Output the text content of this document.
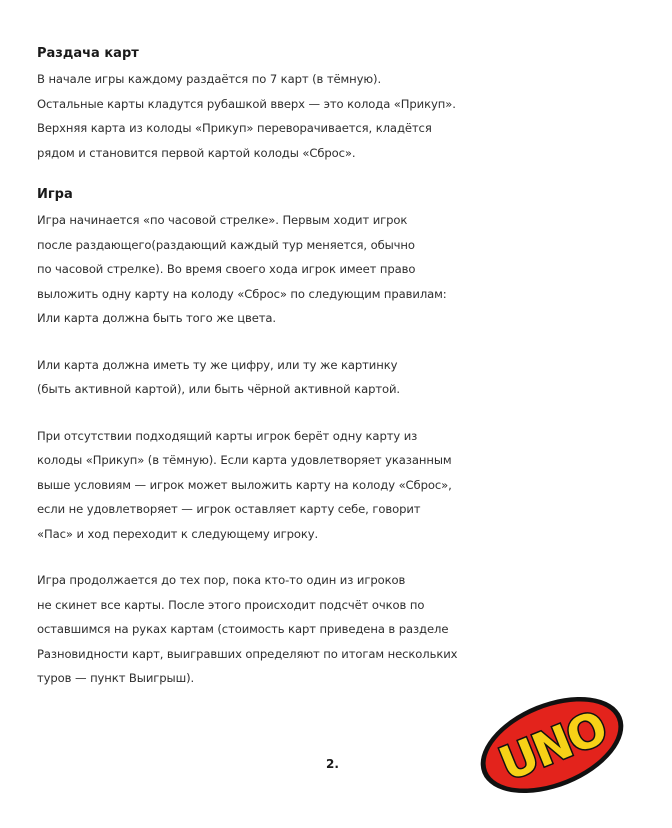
Раздача карт
В начале игры каждому раздаётся по 7 карт (в тёмную).
Остальные карты кладутся рубашкой вверх — это колода «Прикуп».
Верхняя карта из колоды «Прикуп» переворачивается, кладётся
рядом и становится первой картой колоды «Сброс».
Игра
Игра начинается «по часовой стрелке». Первым ходит игрок
после раздающего(раздающий каждый тур меняется, обычно
по часовой стрелке). Во время своего хода игрок имеет право
выложить одну карту на колоду «Сброс» по следующим правилам:
Или карта должна быть того же цвета.
Или карта должна иметь ту же цифру, или ту же картинку
(быть активной картой), или быть чёрной активной картой.
При отсутствии подходящий карты игрок берёт одну карту из
колоды «Прикуп» (в тёмную). Если карта удовлетворяет указанным
выше условиям — игрок может выложить карту на колоду «Сброс»,
если не удовлетворяет — игрок оставляет карту себе, говорит
«Пас» и ход переходит к следующему игроку.
Игра продолжается до тех пор, пока кто-то один из игроков
не скинет все карты. После этого происходит подсчёт очков по
оставшимся на руках картам (стоимость карт приведена в разделе
Разновидности карт, выигравших определяют по итогам нескольких
туров — пункт Выигрыш).
2.	UNO
